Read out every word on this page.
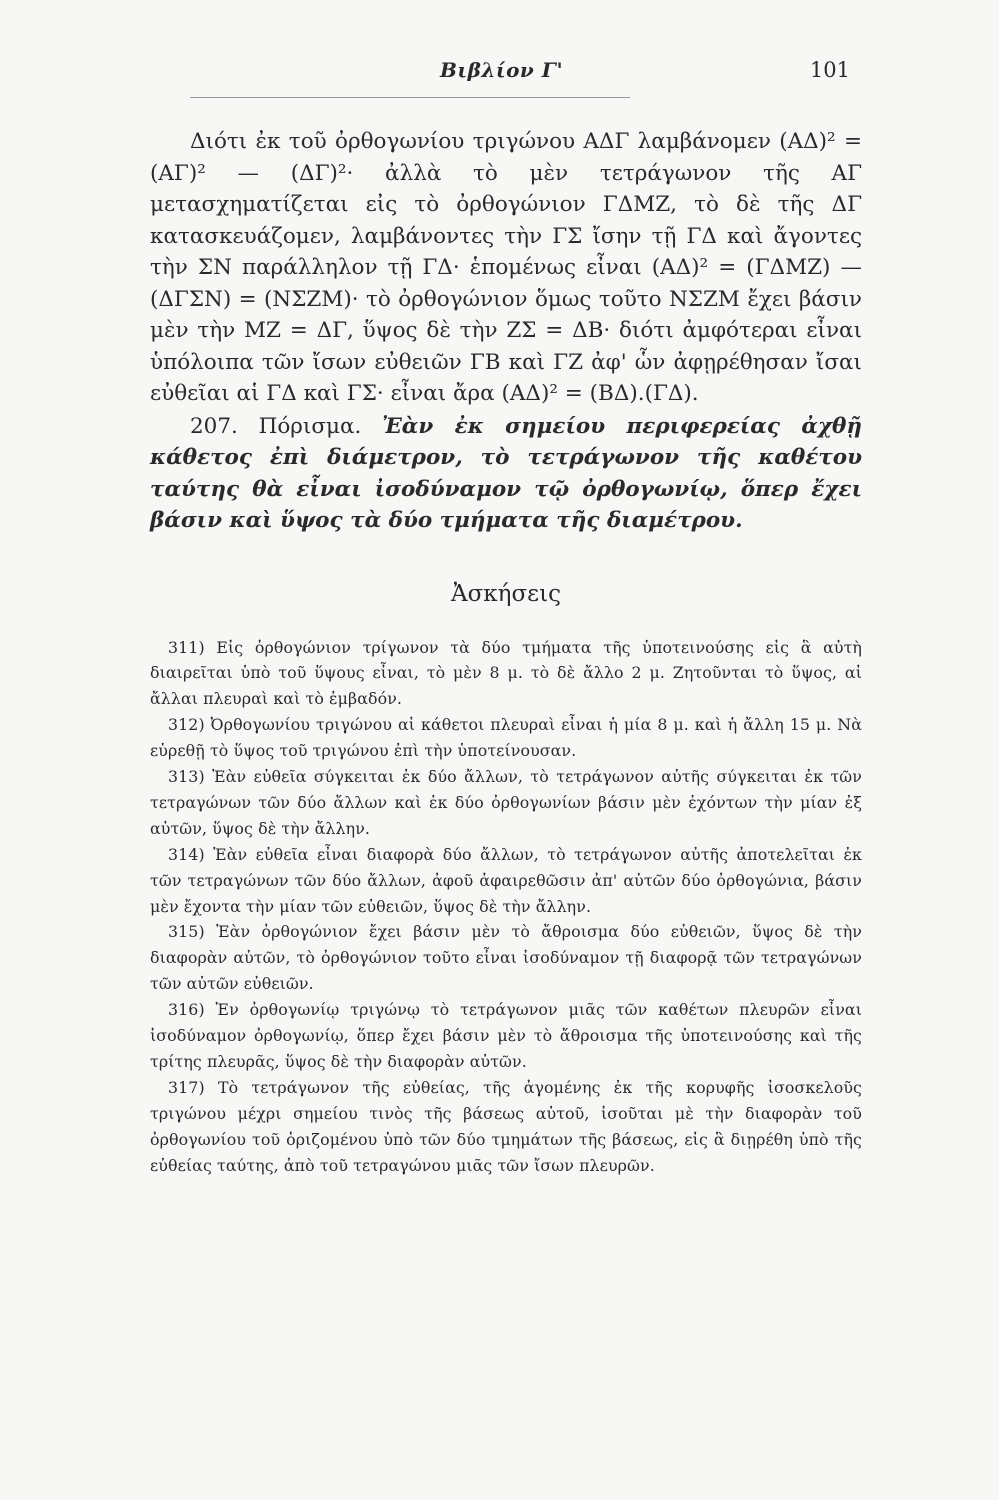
Βιβλίον Γ'	101

Διότι ἐκ τοῦ ὀρθογωνίου τριγώνου ΑΔΓ λαμβάνομεν (ΑΔ)² = (ΑΓ)² — (ΔΓ)²· ἀλλὰ τὸ μὲν τετράγωνον τῆς ΑΓ μετασχηματίζεται εἰς τὸ ὀρθογώνιον ΓΔΜΖ, τὸ δὲ τῆς ΔΓ κατασκευάζομεν, λαμβάνοντες τὴν ΓΣ ἴσην τῇ ΓΔ καὶ ἄγοντες τὴν ΣΝ παράλληλον τῇ ΓΔ· ἑπομένως εἶναι (ΑΔ)² = (ΓΔΜΖ) — (ΔΓΣΝ) = (ΝΣΖΜ)· τὸ ὀρθογώνιον ὅμως τοῦτο ΝΣΖΜ ἔχει βάσιν μὲν τὴν ΜΖ = ΔΓ, ὕψος δὲ τὴν ΖΣ = ΔΒ· διότι ἀμφότεραι εἶναι ὑπόλοιπα τῶν ἴσων εὐθειῶν ΓΒ καὶ ΓΖ ἀφ' ὧν ἀφῃρέθησαν ἴσαι εὐθεῖαι αἱ ΓΔ καὶ ΓΣ· εἶναι ἄρα (ΑΔ)² = (ΒΔ).(ΓΔ).

207. Πόρισμα. Ἐὰν ἐκ σημείου περιφερείας ἀχθῇ κάθετος ἐπὶ διάμετρον, τὸ τετράγωνον τῆς καθέτου ταύτης θὰ εἶναι ἰσοδύναμον τῷ ὀρθογωνίῳ, ὅπερ ἔχει βάσιν καὶ ὕψος τὰ δύο τμήματα τῆς διαμέτρου.

Ἀσκήσεις

311) Εἰς ὀρθογώνιον τρίγωνον τὰ δύο τμήματα τῆς ὑποτεινούσης εἰς ἃ αὐτὴ διαιρεῖται ὑπὸ τοῦ ὕψους εἶναι, τὸ μὲν 8 μ. τὸ δὲ ἄλλο 2 μ. Ζητοῦνται τὸ ὕψος, αἱ ἄλλαι πλευραὶ καὶ τὸ ἐμβαδόν.

312) Ὀρθογωνίου τριγώνου αἱ κάθετοι πλευραὶ εἶναι ἡ μία 8 μ. καὶ ἡ ἄλλη 15 μ. Νὰ εὑρεθῇ τὸ ὕψος τοῦ τριγώνου ἐπὶ τὴν ὑποτείνουσαν.

313) Ἐὰν εὐθεῖα σύγκειται ἐκ δύο ἄλλων, τὸ τετράγωνον αὐτῆς σύγκειται ἐκ τῶν τετραγώνων τῶν δύο ἄλλων καὶ ἐκ δύο ὀρθογωνίων βάσιν μὲν ἐχόντων τὴν μίαν ἐξ αὐτῶν, ὕψος δὲ τὴν ἄλλην.

314) Ἐὰν εὐθεῖα εἶναι διαφορὰ δύο ἄλλων, τὸ τετράγωνον αὐτῆς ἀποτελεῖται ἐκ τῶν τετραγώνων τῶν δύο ἄλλων, ἀφοῦ ἀφαιρεθῶσιν ἀπ' αὐτῶν δύο ὀρθογώνια, βάσιν μὲν ἔχοντα τὴν μίαν τῶν εὐθειῶν, ὕψος δὲ τὴν ἄλλην.

315) Ἐὰν ὀρθογώνιον ἔχει βάσιν μὲν τὸ ἄθροισμα δύο εὐθειῶν, ὕψος δὲ τὴν διαφορὰν αὐτῶν, τὸ ὀρθογώνιον τοῦτο εἶναι ἰσοδύναμον τῇ διαφορᾷ τῶν τετραγώνων τῶν αὐτῶν εὐθειῶν.

316) Ἐν ὀρθογωνίῳ τριγώνῳ τὸ τετράγωνον μιᾶς τῶν καθέτων πλευρῶν εἶναι ἰσοδύναμον ὀρθογωνίῳ, ὅπερ ἔχει βάσιν μὲν τὸ ἄθροισμα τῆς ὑποτεινούσης καὶ τῆς τρίτης πλευρᾶς, ὕψος δὲ τὴν διαφορὰν αὐτῶν.

317) Τὸ τετράγωνον τῆς εὐθείας, τῆς ἀγομένης ἐκ τῆς κορυφῆς ἰσοσκελοῦς τριγώνου μέχρι σημείου τινὸς τῆς βάσεως αὐτοῦ, ἰσοῦται μὲ τὴν διαφορὰν τοῦ ὀρθογωνίου τοῦ ὁριζομένου ὑπὸ τῶν δύο τμημάτων τῆς βάσεως, εἰς ἃ διῃρέθη ὑπὸ τῆς εὐθείας ταύτης, ἀπὸ τοῦ τετραγώνου μιᾶς τῶν ἴσων πλευρῶν.
